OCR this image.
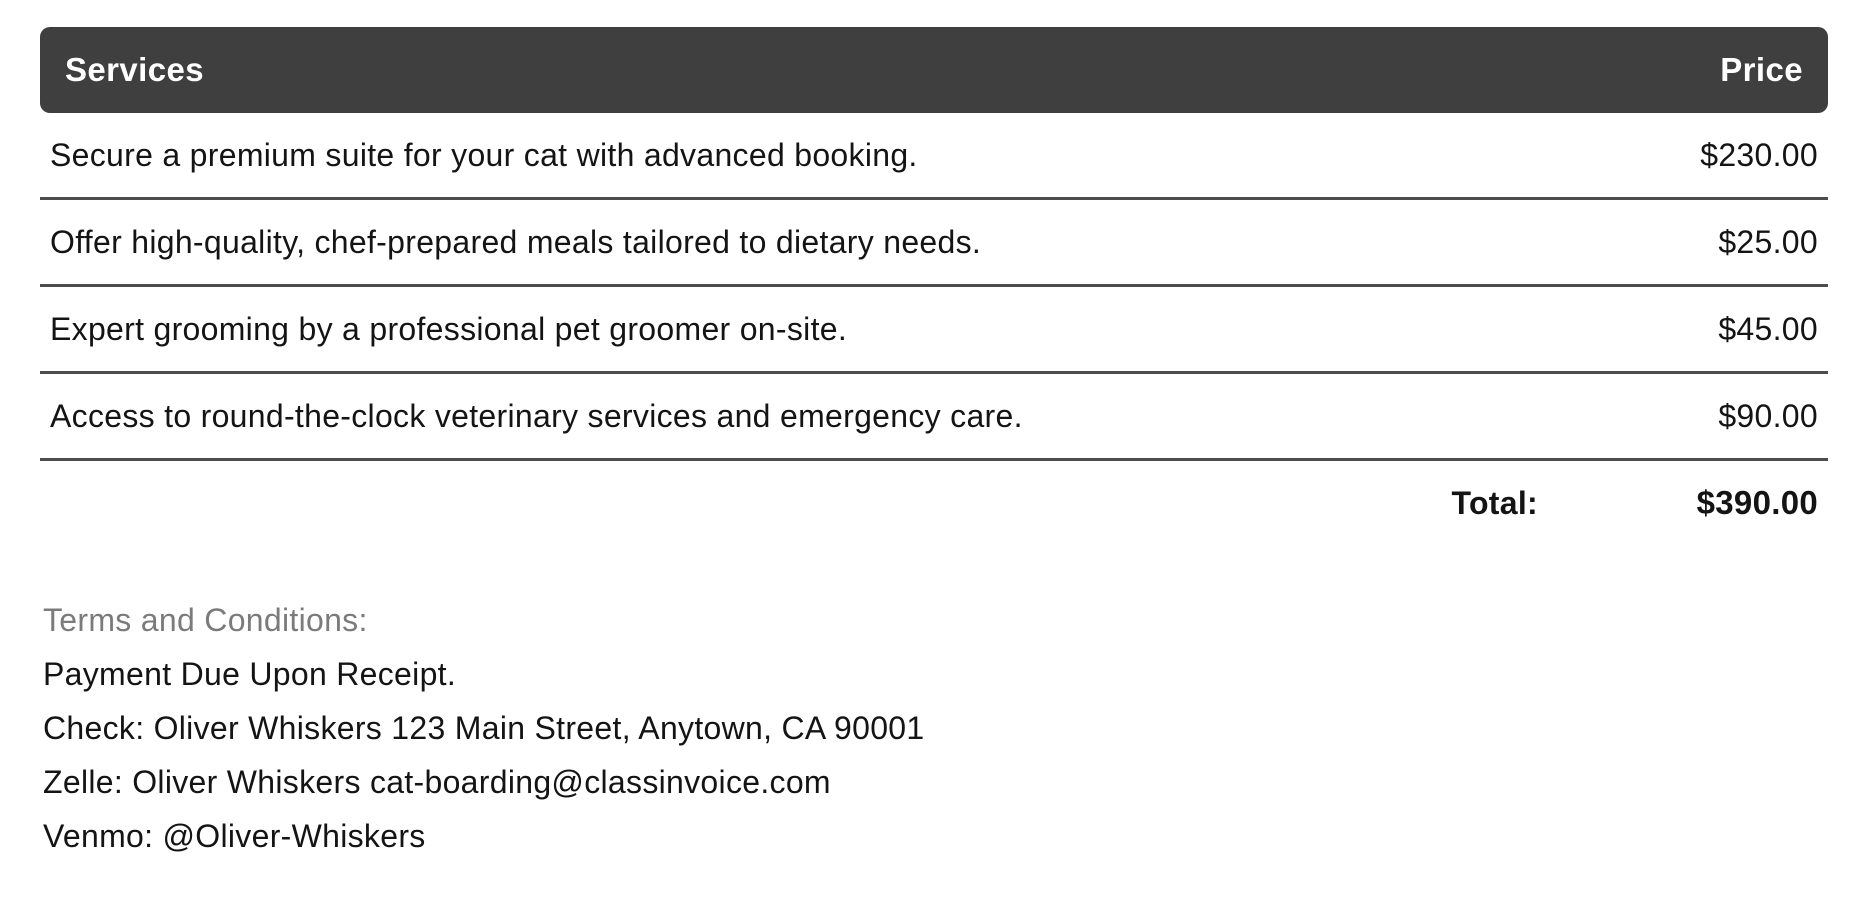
Services	Price
Secure a premium suite for your cat with advanced booking.	$230.00
Offer high-quality, chef-prepared meals tailored to dietary needs.	$25.00
Expert grooming by a professional pet groomer on-site.	$45.00
Access to round-the-clock veterinary services and emergency care.	$90.00
Total:	$390.00
Terms and Conditions:
Payment Due Upon Receipt.
Check: Oliver Whiskers 123 Main Street, Anytown, CA 90001
Zelle: Oliver Whiskers cat-boarding@classinvoice.com
Venmo: @Oliver-Whiskers
